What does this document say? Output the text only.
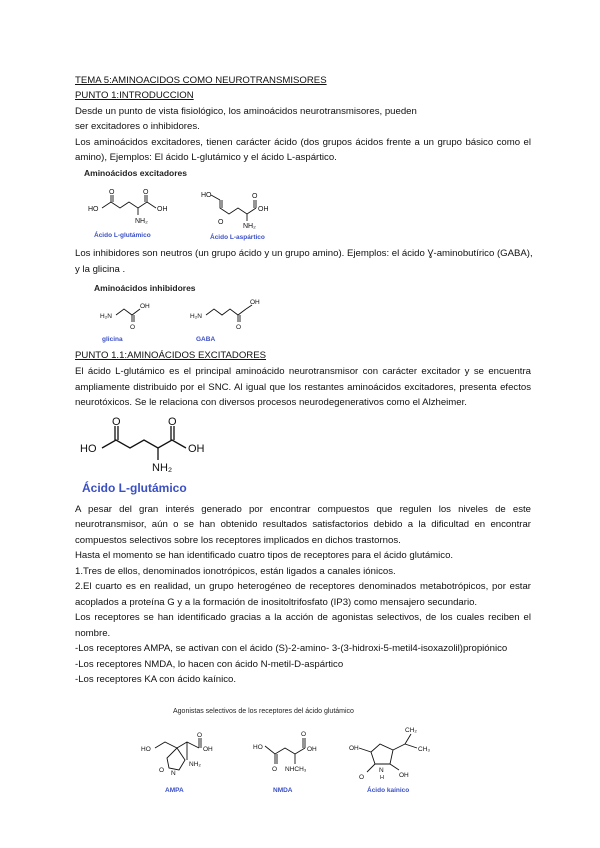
TEMA 5:AMINOACIDOS COMO NEUROTRANSMISORES

PUNTO 1:INTRODUCCION

Desde un punto de vista fisiológico, los aminoácidos neurotransmisores, pueden

ser excitadores o inhibidores.

Los aminoácidos excitadores, tienen carácter ácido (dos grupos ácidos frente a un grupo básico como el

amino), Ejemplos: El ácido L-glutámico y el ácido L-aspártico.

Aminoácidos excitadores
HO
O	O
OH
NH₂
Ácido L-glutámico
HO
O
O
OH
NH₂
Ácido L-aspártico

Los inhibidores son neutros (un grupo ácido y un grupo amino). Ejemplos: el ácido Ɣ-aminobutírico (GABA),

y la glicina .

Aminoácidos inhibidores
H₂N
OH
O
glicina
H₂N
OH
O
GABA

PUNTO 1.1:AMINOÁCIDOS EXCITADORES

El ácido L-glutámico es el principal aminoácido neurotransmisor con carácter excitador y se encuentra

ampliamente distribuido por el SNC. Al igual que los restantes aminoácidos excitadores, presenta efectos

neurotóxicos. Se le relaciona con diversos procesos neurodegenerativos como el Alzheimer.

HO
O	O
OH
NH₂
Ácido L-glutámico

A pesar del gran interés generado por encontrar compuestos que regulen los niveles de este

neurotransmisor, aún o se han obtenido resultados satisfactorios debido a la dificultad en encontrar

compuestos selectivos sobre los receptores implicados en dichos trastornos.

Hasta el momento se han identificado cuatro tipos de receptores para el ácido glutámico.

1.Tres de ellos, denominados ionotrópicos, están ligados a canales iónicos.

2.El cuarto es en realidad, un grupo heterogéneo de receptores denominados metabotrópicos, por estar

acoplados a proteína G y a la formación de inositoltrifosfato (IP3) como mensajero secundario.

Los receptores se han identificado gracias a la acción de agonistas selectivos, de los cuales reciben el

nombre.

-Los receptores AMPA, se activan con el ácido (S)-2-amino- 3-(3-hidroxi-5-metil4-isoxazolil)propiónico

-Los receptores NMDA, lo hacen con ácido N-metil-D-aspártico

-Los receptores KA con ácido kaínico.

Agonistas selectivos de los receptores del ácido glutámico
HO
O
OH
NH₂
O N
AMPA
HO
O
O
OH
NHCH₃
NMDA
CH₂
CH₃
OH
N
H OH
O
Ácido kaínico
